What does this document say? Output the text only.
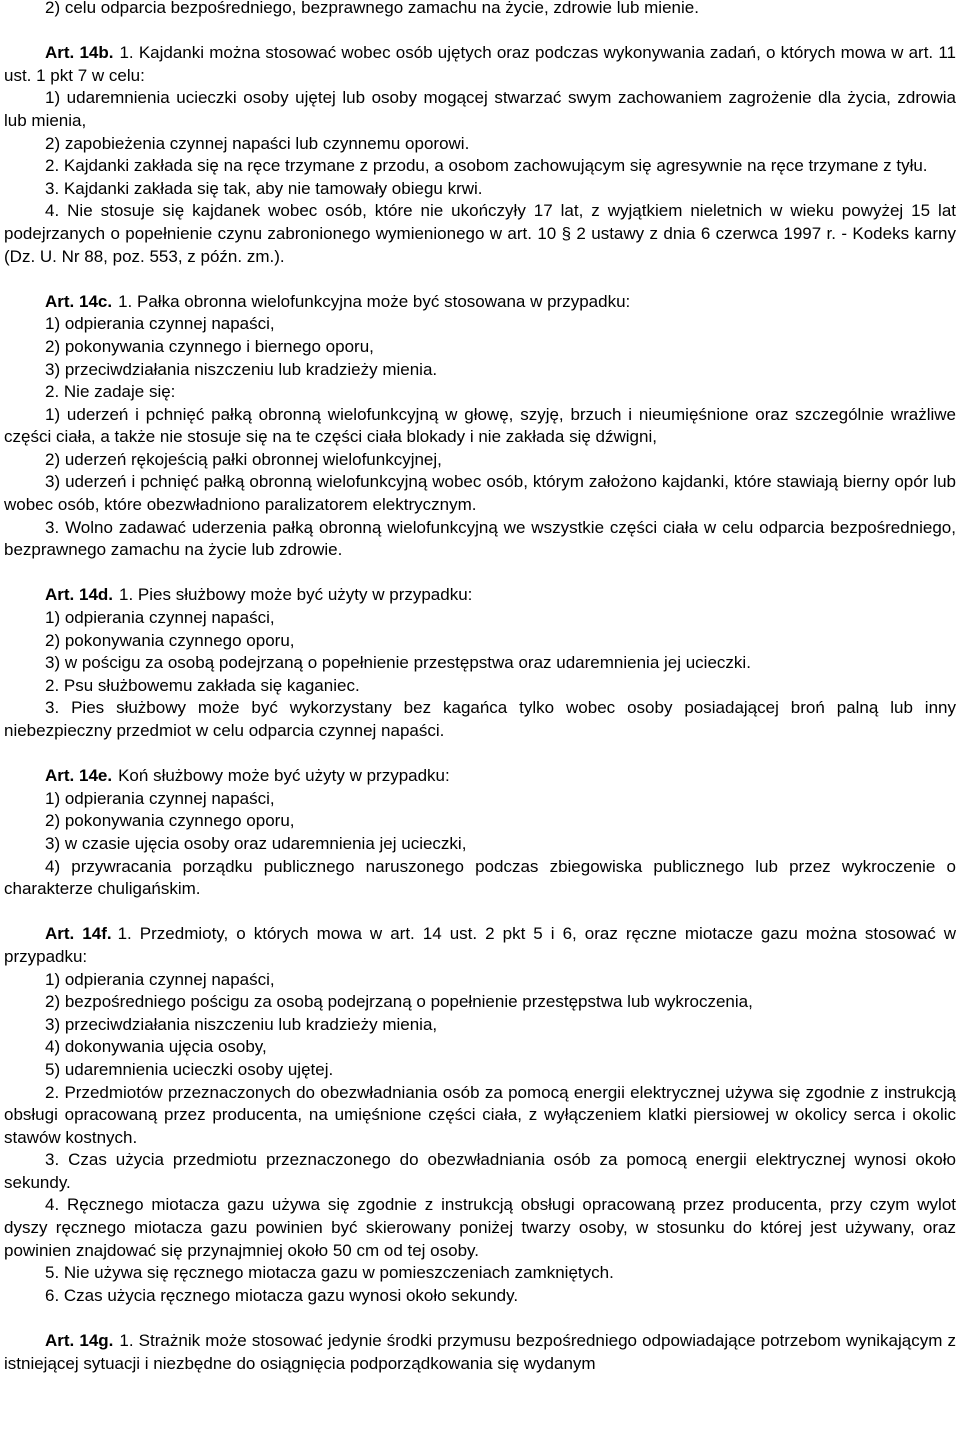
2) celu odparcia bezpośredniego, bezprawnego zamachu na życie, zdrowie lub mienie.

Art. 14b. 1. Kajdanki można stosować wobec osób ujętych oraz podczas wykonywania zadań, o których mowa w art. 11 ust. 1 pkt 7 w celu:

1) udaremnienia ucieczki osoby ujętej lub osoby mogącej stwarzać swym zachowaniem zagrożenie dla życia, zdrowia lub mienia,

2) zapobieżenia czynnej napaści lub czynnemu oporowi.

2. Kajdanki zakłada się na ręce trzymane z przodu, a osobom zachowującym się agresywnie na ręce trzymane z tyłu.

3. Kajdanki zakłada się tak, aby nie tamowały obiegu krwi.

4. Nie stosuje się kajdanek wobec osób, które nie ukończyły 17 lat, z wyjątkiem nieletnich w wieku powyżej 15 lat podejrzanych o popełnienie czynu zabronionego wymienionego w art. 10 § 2 ustawy z dnia 6 czerwca 1997 r. - Kodeks karny (Dz. U. Nr 88, poz. 553, z późn. zm.).

Art. 14c. 1. Pałka obronna wielofunkcyjna może być stosowana w przypadku:

1) odpierania czynnej napaści,

2) pokonywania czynnego i biernego oporu,

3) przeciwdziałania niszczeniu lub kradzieży mienia.

2. Nie zadaje się:

1) uderzeń i pchnięć pałką obronną wielofunkcyjną w głowę, szyję, brzuch i nieumięśnione oraz szczególnie wrażliwe części ciała, a także nie stosuje się na te części ciała blokady i nie zakłada się dźwigni,

2) uderzeń rękojeścią pałki obronnej wielofunkcyjnej,

3) uderzeń i pchnięć pałką obronną wielofunkcyjną wobec osób, którym założono kajdanki, które stawiają bierny opór lub wobec osób, które obezwładniono paralizatorem elektrycznym.

3. Wolno zadawać uderzenia pałką obronną wielofunkcyjną we wszystkie części ciała w celu odparcia bezpośredniego, bezprawnego zamachu na życie lub zdrowie.

Art. 14d. 1. Pies służbowy może być użyty w przypadku:

1) odpierania czynnej napaści,

2) pokonywania czynnego oporu,

3) w pościgu za osobą podejrzaną o popełnienie przestępstwa oraz udaremnienia jej ucieczki.

2. Psu służbowemu zakłada się kaganiec.

3. Pies służbowy może być wykorzystany bez kagańca tylko wobec osoby posiadającej broń palną lub inny niebezpieczny przedmiot w celu odparcia czynnej napaści.

Art. 14e. Koń służbowy może być użyty w przypadku:

1) odpierania czynnej napaści,

2) pokonywania czynnego oporu,

3) w czasie ujęcia osoby oraz udaremnienia jej ucieczki,

4) przywracania porządku publicznego naruszonego podczas zbiegowiska publicznego lub przez wykroczenie o charakterze chuligańskim.

Art. 14f. 1. Przedmioty, o których mowa w art. 14 ust. 2 pkt 5 i 6, oraz ręczne miotacze gazu można stosować w przypadku:

1) odpierania czynnej napaści,

2) bezpośredniego pościgu za osobą podejrzaną o popełnienie przestępstwa lub wykroczenia,

3) przeciwdziałania niszczeniu lub kradzieży mienia,

4) dokonywania ujęcia osoby,

5) udaremnienia ucieczki osoby ujętej.

2. Przedmiotów przeznaczonych do obezwładniania osób za pomocą energii elektrycznej używa się zgodnie z instrukcją obsługi opracowaną przez producenta, na umięśnione części ciała, z wyłączeniem klatki piersiowej w okolicy serca i okolic stawów kostnych.

3. Czas użycia przedmiotu przeznaczonego do obezwładniania osób za pomocą energii elektrycznej wynosi około sekundy.

4. Ręcznego miotacza gazu używa się zgodnie z instrukcją obsługi opracowaną przez producenta, przy czym wylot dyszy ręcznego miotacza gazu powinien być skierowany poniżej twarzy osoby, w stosunku do której jest używany, oraz powinien znajdować się przynajmniej około 50 cm od tej osoby.

5. Nie używa się ręcznego miotacza gazu w pomieszczeniach zamkniętych.

6. Czas użycia ręcznego miotacza gazu wynosi około sekundy.

Art. 14g. 1. Strażnik może stosować jedynie środki przymusu bezpośredniego odpowiadające potrzebom wynikającym z istniejącej sytuacji i niezbędne do osiągnięcia podporządkowania się wydanym
